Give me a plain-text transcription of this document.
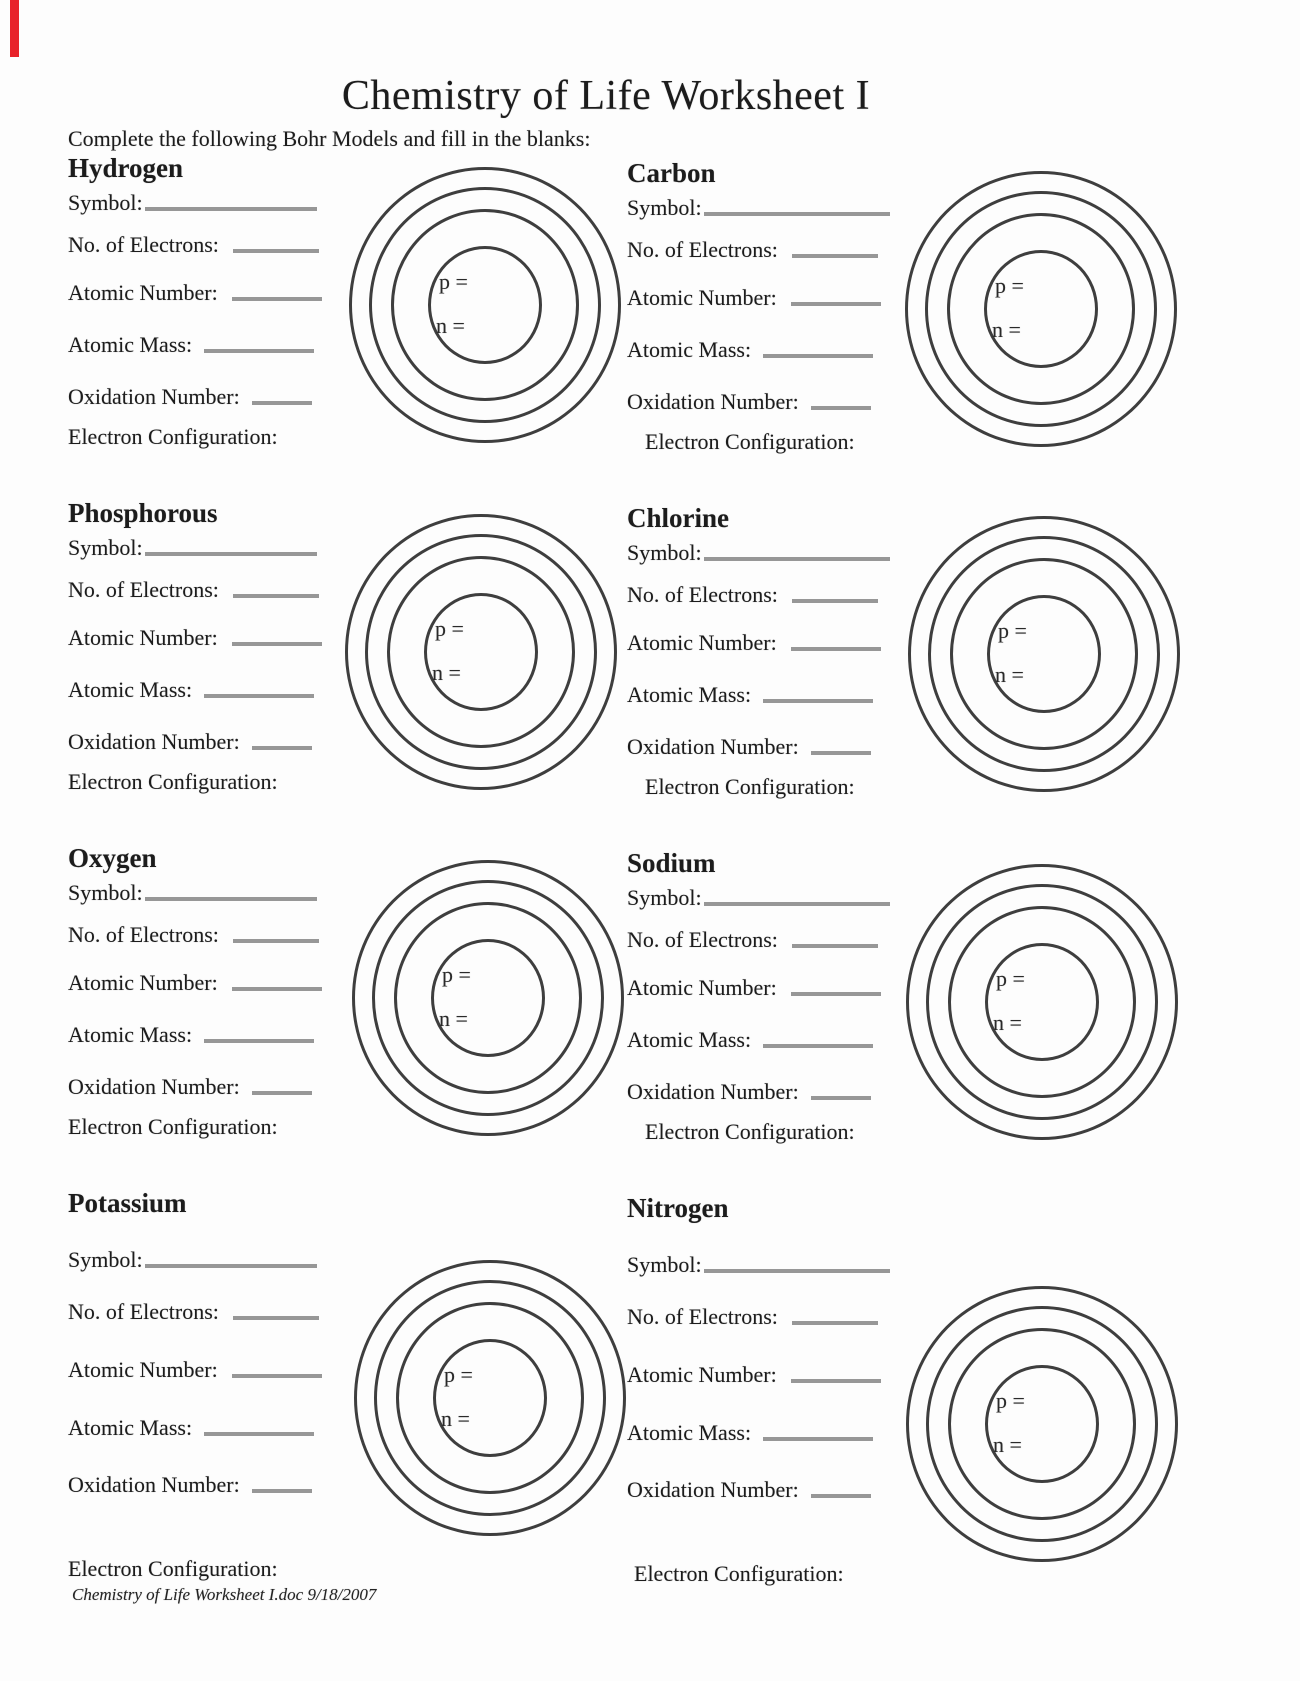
Chemistry of Life Worksheet I
Complete the following Bohr Models and fill in the blanks:
Hydrogen
Symbol:
No. of Electrons:
Atomic Number:
Atomic Mass:
Oxidation Number:
Electron Configuration:
p =
n =
Carbon
Symbol:
No. of Electrons:
Atomic Number:
Atomic Mass:
Oxidation Number:
Electron Configuration:
p =
n =
Phosphorous
Symbol:
No. of Electrons:
Atomic Number:
Atomic Mass:
Oxidation Number:
Electron Configuration:
p =
n =
Chlorine
Symbol:
No. of Electrons:
Atomic Number:
Atomic Mass:
Oxidation Number:
Electron Configuration:
p =
n =
Oxygen
Symbol:
No. of Electrons:
Atomic Number:
Atomic Mass:
Oxidation Number:
Electron Configuration:
p =
n =
Sodium
Symbol:
No. of Electrons:
Atomic Number:
Atomic Mass:
Oxidation Number:
Electron Configuration:
p =
n =
Potassium
Symbol:
No. of Electrons:
Atomic Number:
Atomic Mass:
Oxidation Number:
Electron Configuration:
p =
n =
Nitrogen
Symbol:
No. of Electrons:
Atomic Number:
Atomic Mass:
Oxidation Number:
Electron Configuration:
p =
n =
Chemistry of Life Worksheet I.doc 9/18/2007
